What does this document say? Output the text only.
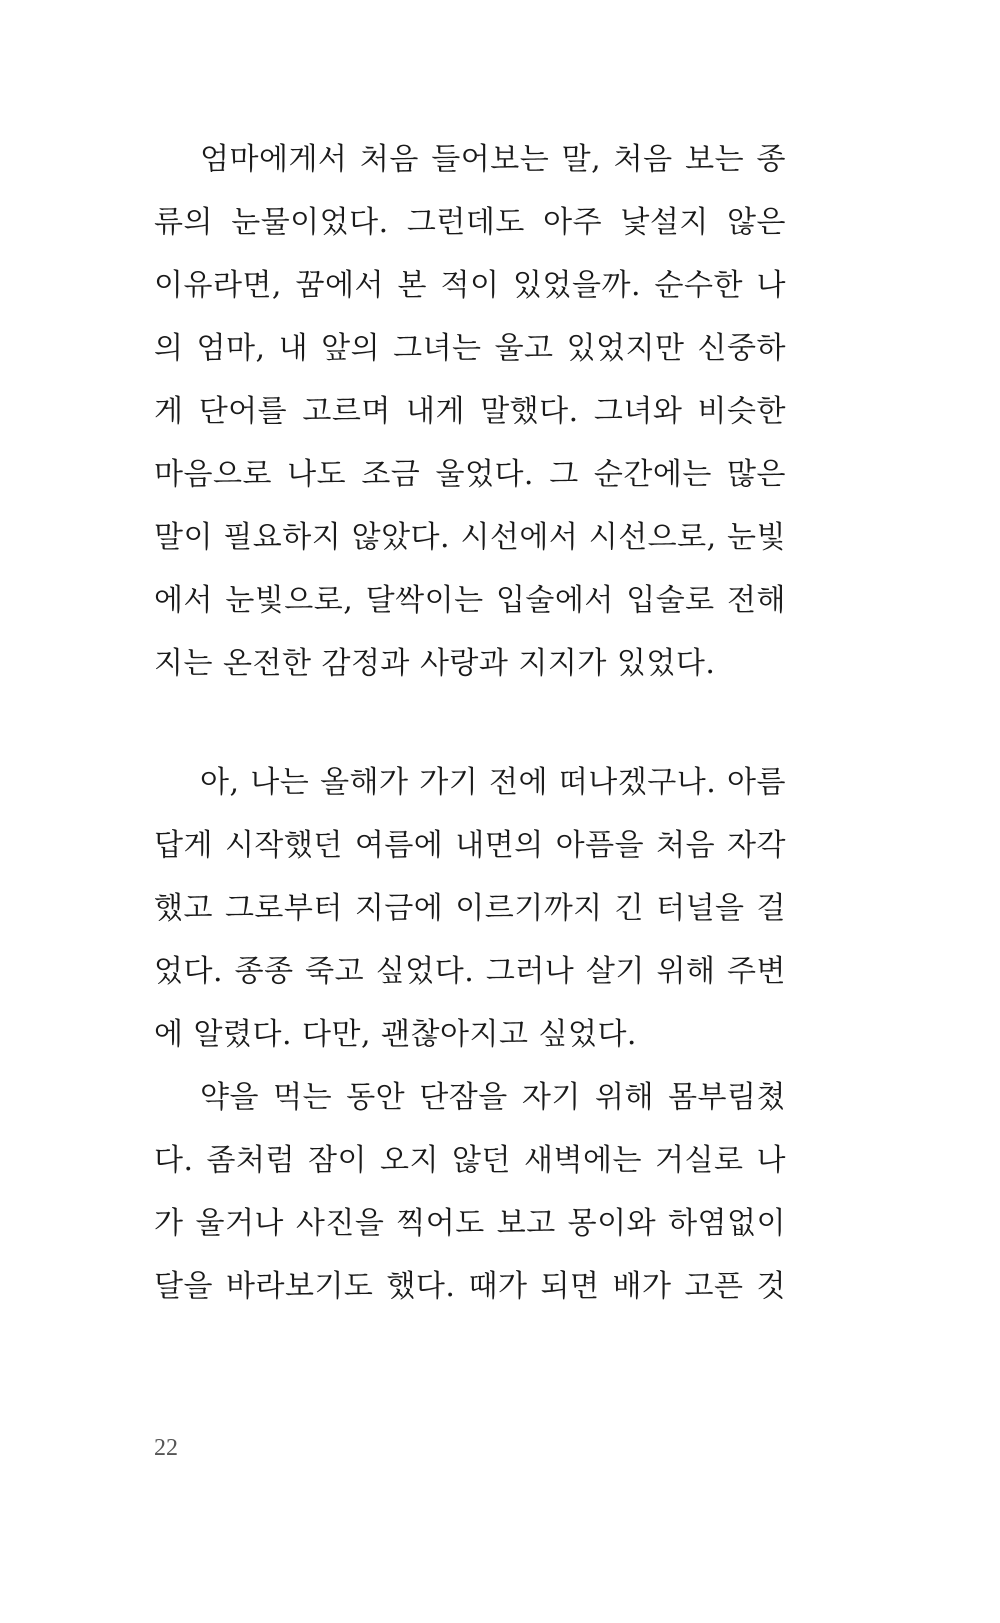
엄마에게서 처음 들어보는 말, 처음 보는 종
류의 눈물이었다. 그런데도 아주 낯설지 않은
이유라면, 꿈에서 본 적이 있었을까. 순수한 나
의 엄마, 내 앞의 그녀는 울고 있었지만 신중하
게 단어를 고르며 내게 말했다. 그녀와 비슷한
마음으로 나도 조금 울었다. 그 순간에는 많은
말이 필요하지 않았다. 시선에서 시선으로, 눈빛
에서 눈빛으로, 달싹이는 입술에서 입술로 전해
지는 온전한 감정과 사랑과 지지가 있었다.
아, 나는 올해가 가기 전에 떠나겠구나. 아름
답게 시작했던 여름에 내면의 아픔을 처음 자각
했고 그로부터 지금에 이르기까지 긴 터널을 걸
었다. 종종 죽고 싶었다. 그러나 살기 위해 주변
에 알렸다. 다만, 괜찮아지고 싶었다.
약을 먹는 동안 단잠을 자기 위해 몸부림쳤
다. 좀처럼 잠이 오지 않던 새벽에는 거실로 나
가 울거나 사진을 찍어도 보고 몽이와 하염없이
달을 바라보기도 했다. 때가 되면 배가 고픈 것
22
